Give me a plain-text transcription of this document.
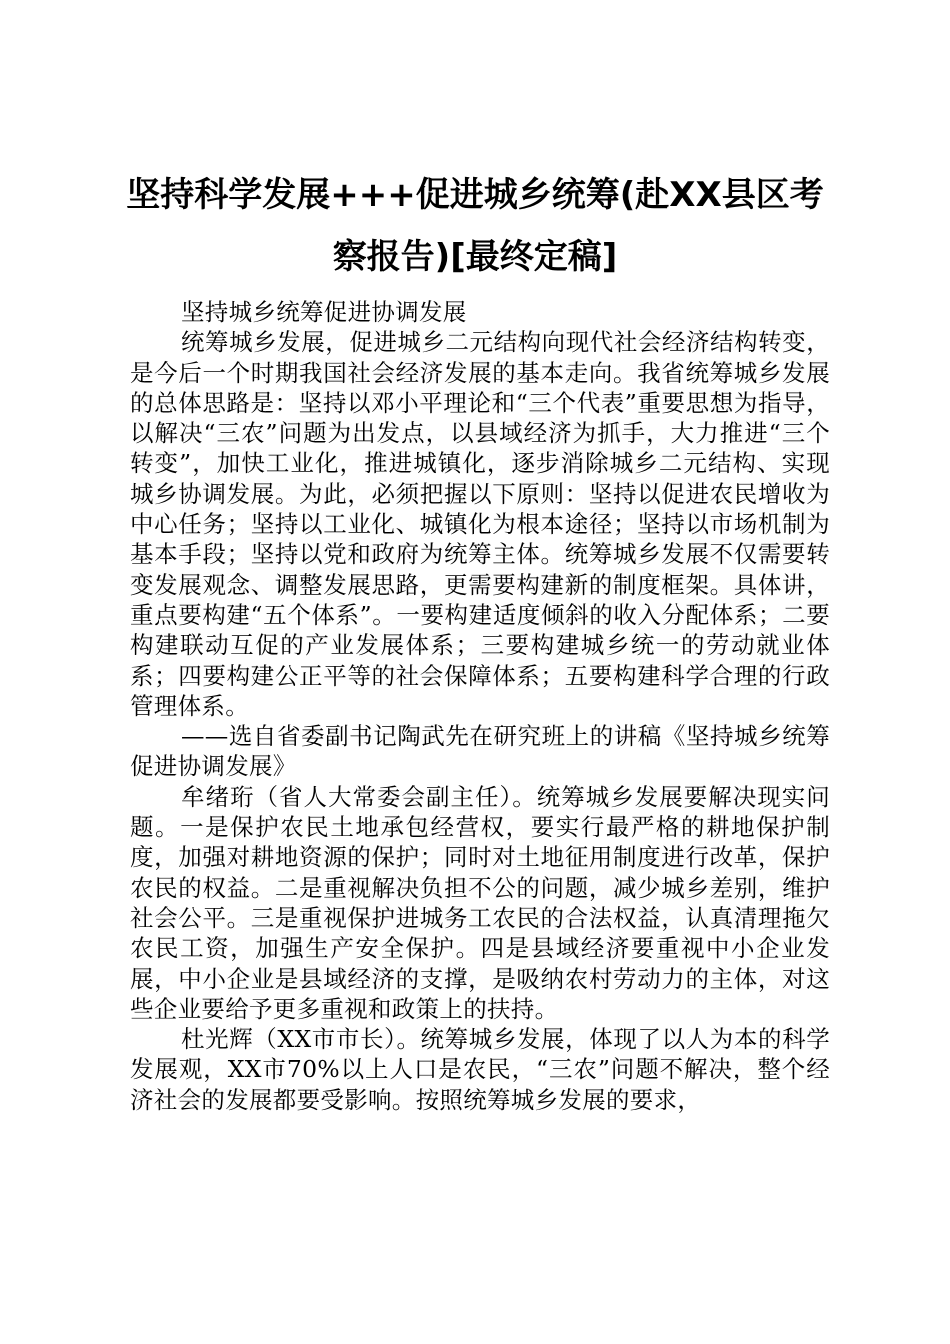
坚持科学发展+++促进城乡统筹(赴XX县区考察报告)[最终定稿]

坚持城乡统筹促进协调发展

统筹城乡发展，促进城乡二元结构向现代社会经济结构转变，是今后一个时期我国社会经济发展的基本走向。我省统筹城乡发展的总体思路是：坚持以邓小平理论和“三个代表”重要思想为指导，以解决“三农”问题为出发点，以县域经济为抓手，大力推进“三个转变”，加快工业化，推进城镇化，逐步消除城乡二元结构、实现城乡协调发展。为此，必须把握以下原则：坚持以促进农民增收为中心任务；坚持以工业化、城镇化为根本途径；坚持以市场机制为基本手段；坚持以党和政府为统筹主体。统筹城乡发展不仅需要转变发展观念、调整发展思路，更需要构建新的制度框架。具体讲，重点要构建“五个体系”。一要构建适度倾斜的收入分配体系；二要构建联动互促的产业发展体系；三要构建城乡统一的劳动就业体系；四要构建公正平等的社会保障体系；五要构建科学合理的行政管理体系。

——选自省委副书记陶武先在研究班上的讲稿《坚持城乡统筹促进协调发展》

牟绪珩（省人大常委会副主任）。统筹城乡发展要解决现实问题。一是保护农民土地承包经营权，要实行最严格的耕地保护制度，加强对耕地资源的保护；同时对土地征用制度进行改革，保护农民的权益。二是重视解决负担不公的问题，减少城乡差别，维护社会公平。三是重视保护进城务工农民的合法权益，认真清理拖欠农民工资，加强生产安全保护。四是县域经济要重视中小企业发展，中小企业是县域经济的支撑，是吸纳农村劳动力的主体，对这些企业要给予更多重视和政策上的扶持。

杜光辉（XX市市长）。统筹城乡发展，体现了以人为本的科学发展观，XX市70%以上人口是农民，“三农”问题不解决，整个经济社会的发展都要受影响。按照统筹城乡发展的要求，
